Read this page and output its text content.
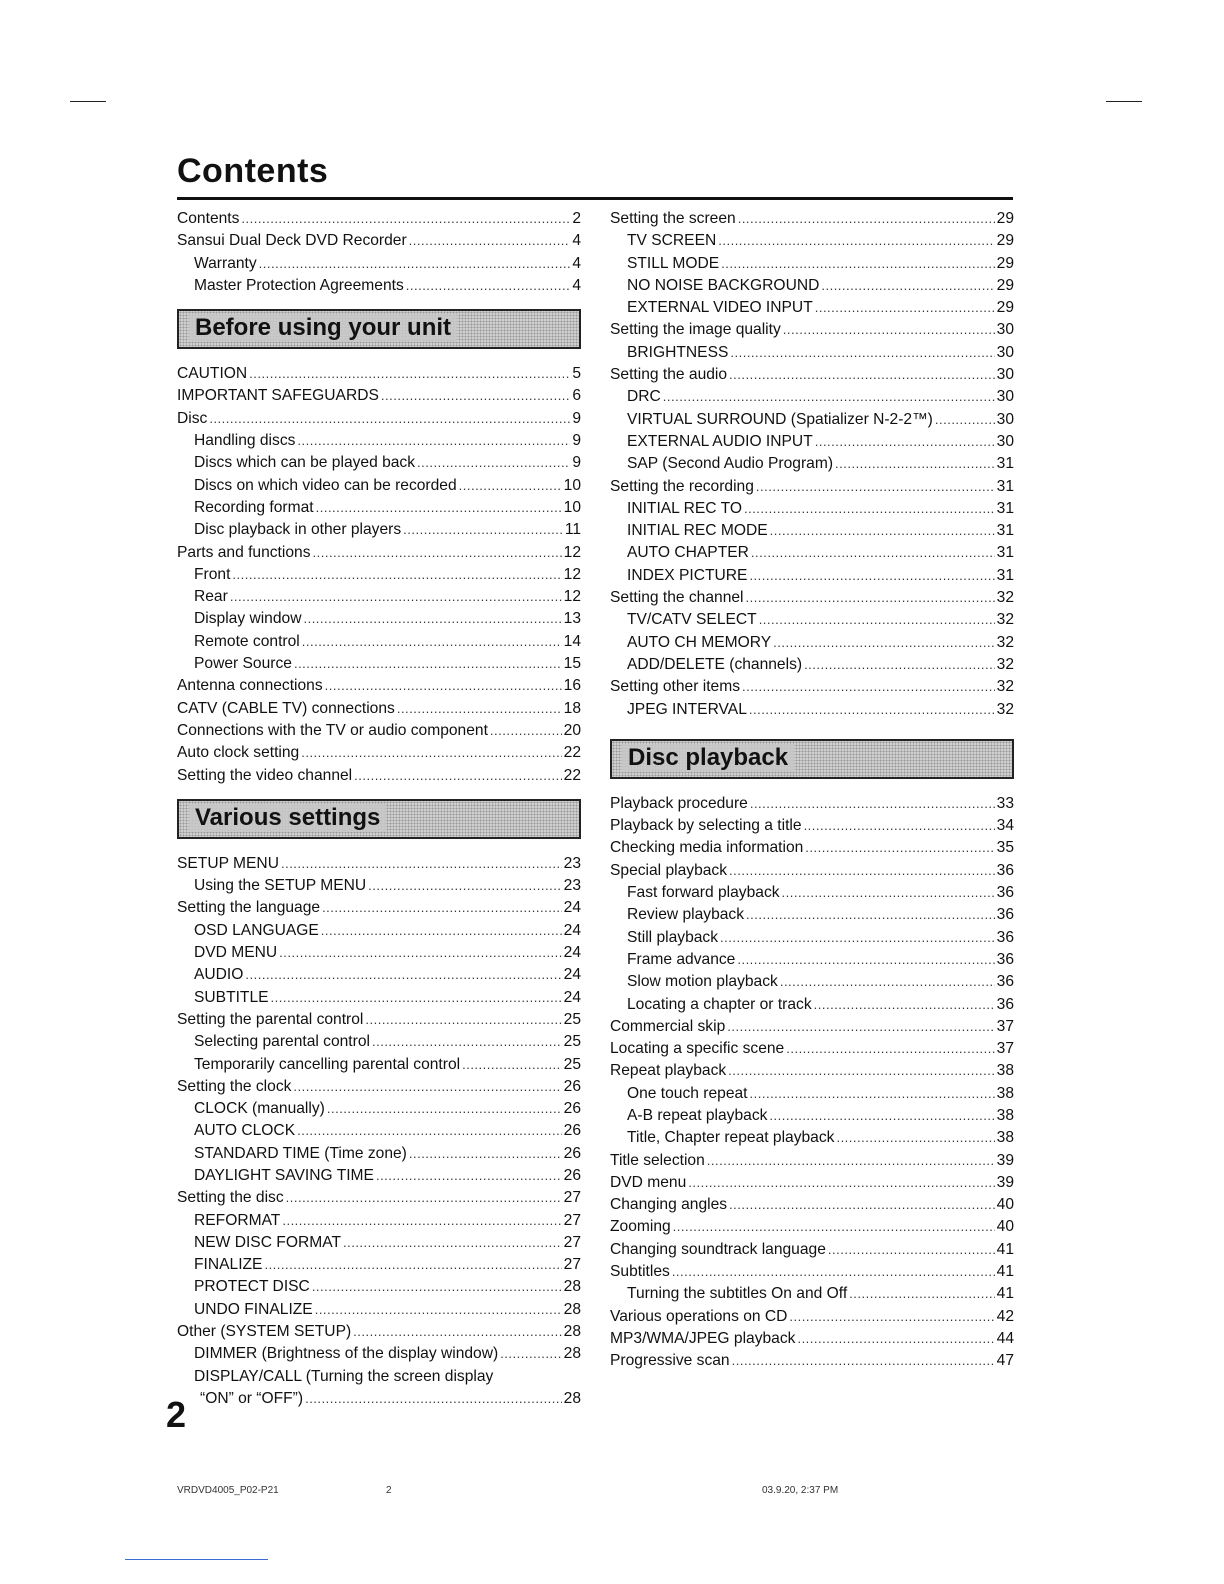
Contents
Contents .....	2
Sansui Dual Deck DVD Recorder .....	4
Warranty .....	4
Master Protection Agreements .....	4
Before using your unit
CAUTION .....	5
IMPORTANT SAFEGUARDS .....	6
Disc .....	9
Handling discs .....	9
Discs which can be played back .....	9
Discs on which video can be recorded .....	10
Recording format .....	10
Disc playback in other players .....	11
Parts and functions .....	12
Front .....	12
Rear .....	12
Display window .....	13
Remote control .....	14
Power Source .....	15
Antenna connections .....	16
CATV (CABLE TV) connections .....	18
Connections with the TV or audio component .....	20
Auto clock setting .....	22
Setting the video channel .....	22
Various settings
SETUP MENU .....	23
Using the SETUP MENU .....	23
Setting the language .....	24
OSD LANGUAGE .....	24
DVD MENU .....	24
AUDIO .....	24
SUBTITLE .....	24
Setting the parental control .....	25
Selecting parental control .....	25
Temporarily cancelling parental control .....	25
Setting the clock .....	26
CLOCK (manually) .....	26
AUTO CLOCK .....	26
STANDARD TIME (Time zone) .....	26
DAYLIGHT SAVING TIME .....	26
Setting the disc .....	27
REFORMAT .....	27
NEW DISC FORMAT .....	27
FINALIZE .....	27
PROTECT DISC .....	28
UNDO FINALIZE .....	28
Other (SYSTEM SETUP) .....	28
DIMMER (Brightness of the display window) .....	28
DISPLAY/CALL (Turning the screen display
“ON” or “OFF”) .....	28
Setting the screen .....	29
TV SCREEN .....	29
STILL MODE .....	29
NO NOISE BACKGROUND .....	29
EXTERNAL VIDEO INPUT .....	29
Setting the image quality .....	30
BRIGHTNESS .....	30
Setting the audio .....	30
DRC .....	30
VIRTUAL SURROUND (Spatializer N-2-2™) .....	30
EXTERNAL AUDIO INPUT .....	30
SAP (Second Audio Program) .....	31
Setting the recording .....	31
INITIAL REC TO .....	31
INITIAL REC MODE .....	31
AUTO CHAPTER .....	31
INDEX PICTURE .....	31
Setting the channel .....	32
TV/CATV SELECT .....	32
AUTO CH MEMORY .....	32
ADD/DELETE (channels) .....	32
Setting other items .....	32
JPEG INTERVAL .....	32
Disc playback
Playback procedure .....	33
Playback by selecting a title .....	34
Checking media information .....	35
Special playback .....	36
Fast forward playback .....	36
Review playback .....	36
Still playback .....	36
Frame advance .....	36
Slow motion playback .....	36
Locating a chapter or track .....	36
Commercial skip .....	37
Locating a specific scene .....	37
Repeat playback .....	38
One touch repeat .....	38
A-B repeat playback .....	38
Title, Chapter repeat playback .....	38
Title selection .....	39
DVD menu .....	39
Changing angles .....	40
Zooming .....	40
Changing soundtrack language .....	41
Subtitles .....	41
Turning the subtitles On and Off .....	41
Various operations on CD .....	42
MP3/WMA/JPEG playback .....	44
Progressive scan .....	47
2
VRDVD4005_P02-P21	2	03.9.20, 2:37 PM
